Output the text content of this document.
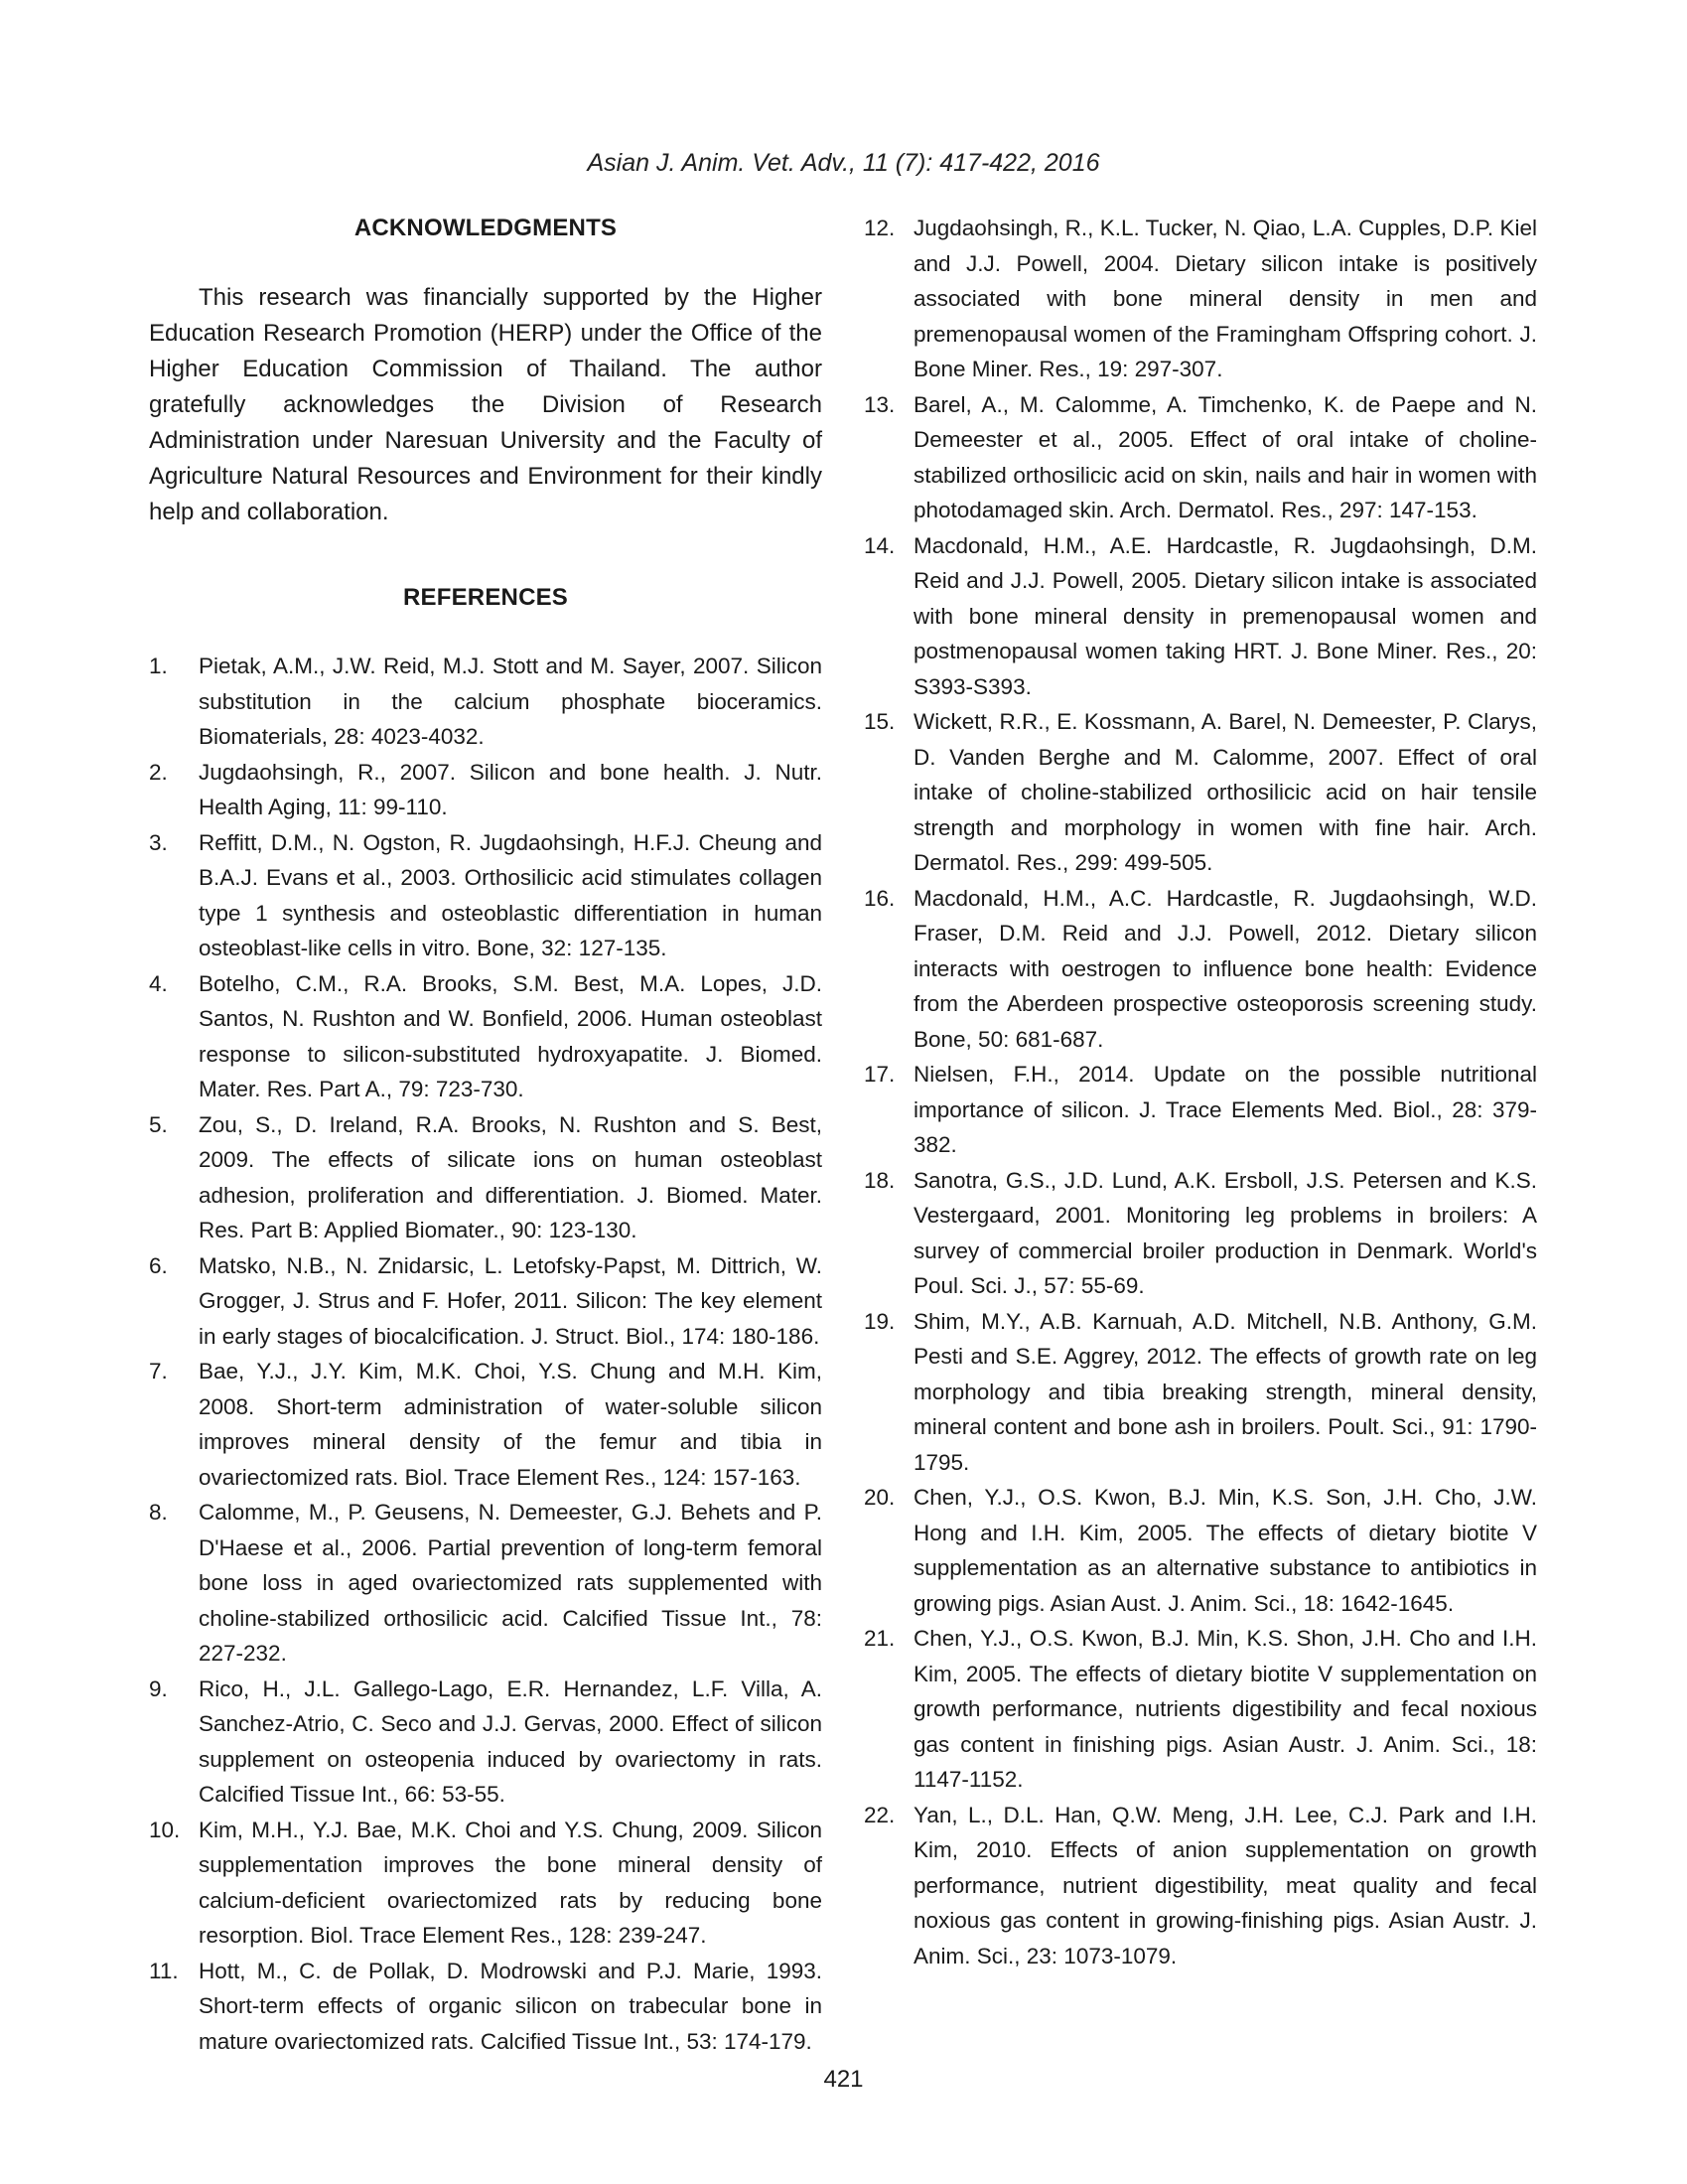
Asian J. Anim. Vet. Adv., 11 (7): 417-422, 2016
ACKNOWLEDGMENTS

This research was financially supported by the Higher Education Research Promotion (HERP) under the Office of the Higher Education Commission of Thailand. The author gratefully acknowledges the Division of Research Administration under Naresuan University and the Faculty of Agriculture Natural Resources and Environment for their kindly help and collaboration.

REFERENCES
1.	Pietak, A.M., J.W. Reid, M.J. Stott and M. Sayer, 2007. Silicon substitution in the calcium phosphate bioceramics. Biomaterials, 28: 4023-4032.
2.	Jugdaohsingh, R., 2007. Silicon and bone health. J. Nutr. Health Aging, 11: 99-110.
3.	Reffitt, D.M., N. Ogston, R. Jugdaohsingh, H.F.J. Cheung and B.A.J. Evans et al., 2003. Orthosilicic acid stimulates collagen type 1 synthesis and osteoblastic differentiation in human osteoblast-like cells in vitro. Bone, 32: 127-135.
4.	Botelho, C.M., R.A. Brooks, S.M. Best, M.A. Lopes, J.D. Santos, N. Rushton and W. Bonfield, 2006. Human osteoblast response to silicon-substituted hydroxyapatite. J. Biomed. Mater. Res. Part A., 79: 723-730.
5.	Zou, S., D. Ireland, R.A. Brooks, N. Rushton and S. Best, 2009. The effects of silicate ions on human osteoblast adhesion, proliferation and differentiation. J. Biomed. Mater. Res. Part B: Applied Biomater., 90: 123-130.
6.	Matsko, N.B., N. Znidarsic, L. Letofsky-Papst, M. Dittrich, W. Grogger, J. Strus and F. Hofer, 2011. Silicon: The key element in early stages of biocalcification. J. Struct. Biol., 174: 180-186.
7.	Bae, Y.J., J.Y. Kim, M.K. Choi, Y.S. Chung and M.H. Kim, 2008. Short-term administration of water-soluble silicon improves mineral density of the femur and tibia in ovariectomized rats. Biol. Trace Element Res., 124: 157-163.
8.	Calomme, M., P. Geusens, N. Demeester, G.J. Behets and P. D'Haese et al., 2006. Partial prevention of long-term femoral bone loss in aged ovariectomized rats supplemented with choline-stabilized orthosilicic acid. Calcified Tissue Int., 78: 227-232.
9.	Rico, H., J.L. Gallego-Lago, E.R. Hernandez, L.F. Villa, A. Sanchez-Atrio, C. Seco and J.J. Gervas, 2000. Effect of silicon supplement on osteopenia induced by ovariectomy in rats. Calcified Tissue Int., 66: 53-55.
10. Kim, M.H., Y.J. Bae, M.K. Choi and Y.S. Chung, 2009. Silicon supplementation improves the bone mineral density of calcium-deficient ovariectomized rats by reducing bone resorption. Biol. Trace Element Res., 128: 239-247.
11. Hott, M., C. de Pollak, D. Modrowski and P.J. Marie, 1993. Short-term effects of organic silicon on trabecular bone in mature ovariectomized rats. Calcified Tissue Int., 53: 174-179.
12. Jugdaohsingh, R., K.L. Tucker, N. Qiao, L.A. Cupples, D.P. Kiel and J.J. Powell, 2004. Dietary silicon intake is positively associated with bone mineral density in men and premenopausal women of the Framingham Offspring cohort. J. Bone Miner. Res., 19: 297-307.
13. Barel, A., M. Calomme, A. Timchenko, K. de Paepe and N. Demeester et al., 2005. Effect of oral intake of choline-stabilized orthosilicic acid on skin, nails and hair in women with photodamaged skin. Arch. Dermatol. Res., 297: 147-153.
14. Macdonald, H.M., A.E. Hardcastle, R. Jugdaohsingh, D.M. Reid and J.J. Powell, 2005. Dietary silicon intake is associated with bone mineral density in premenopausal women and postmenopausal women taking HRT. J. Bone Miner. Res., 20: S393-S393.
15. Wickett, R.R., E. Kossmann, A. Barel, N. Demeester, P. Clarys, D. Vanden Berghe and M. Calomme, 2007. Effect of oral intake of choline-stabilized orthosilicic acid on hair tensile strength and morphology in women with fine hair. Arch. Dermatol. Res., 299: 499-505.
16. Macdonald, H.M., A.C. Hardcastle, R. Jugdaohsingh, W.D. Fraser, D.M. Reid and J.J. Powell, 2012. Dietary silicon interacts with oestrogen to influence bone health: Evidence from the Aberdeen prospective osteoporosis screening study. Bone, 50: 681-687.
17. Nielsen, F.H., 2014. Update on the possible nutritional importance of silicon. J. Trace Elements Med. Biol., 28: 379-382.
18. Sanotra, G.S., J.D. Lund, A.K. Ersboll, J.S. Petersen and K.S. Vestergaard, 2001. Monitoring leg problems in broilers: A survey of commercial broiler production in Denmark. World's Poul. Sci. J., 57: 55-69.
19. Shim, M.Y., A.B. Karnuah, A.D. Mitchell, N.B. Anthony, G.M. Pesti and S.E. Aggrey, 2012. The effects of growth rate on leg morphology and tibia breaking strength, mineral density, mineral content and bone ash in broilers. Poult. Sci., 91: 1790-1795.
20. Chen, Y.J., O.S. Kwon, B.J. Min, K.S. Son, J.H. Cho, J.W. Hong and I.H. Kim, 2005. The effects of dietary biotite V supplementation as an alternative substance to antibiotics in growing pigs. Asian Aust. J. Anim. Sci., 18: 1642-1645.
21. Chen, Y.J., O.S. Kwon, B.J. Min, K.S. Shon, J.H. Cho and I.H. Kim, 2005. The effects of dietary biotite V supplementation on growth performance, nutrients digestibility and fecal noxious gas content in finishing pigs. Asian Austr. J. Anim. Sci., 18: 1147-1152.
22. Yan, L., D.L. Han, Q.W. Meng, J.H. Lee, C.J. Park and I.H. Kim, 2010. Effects of anion supplementation on growth performance, nutrient digestibility, meat quality and fecal noxious gas content in growing-finishing pigs. Asian Austr. J. Anim. Sci., 23: 1073-1079.
421
